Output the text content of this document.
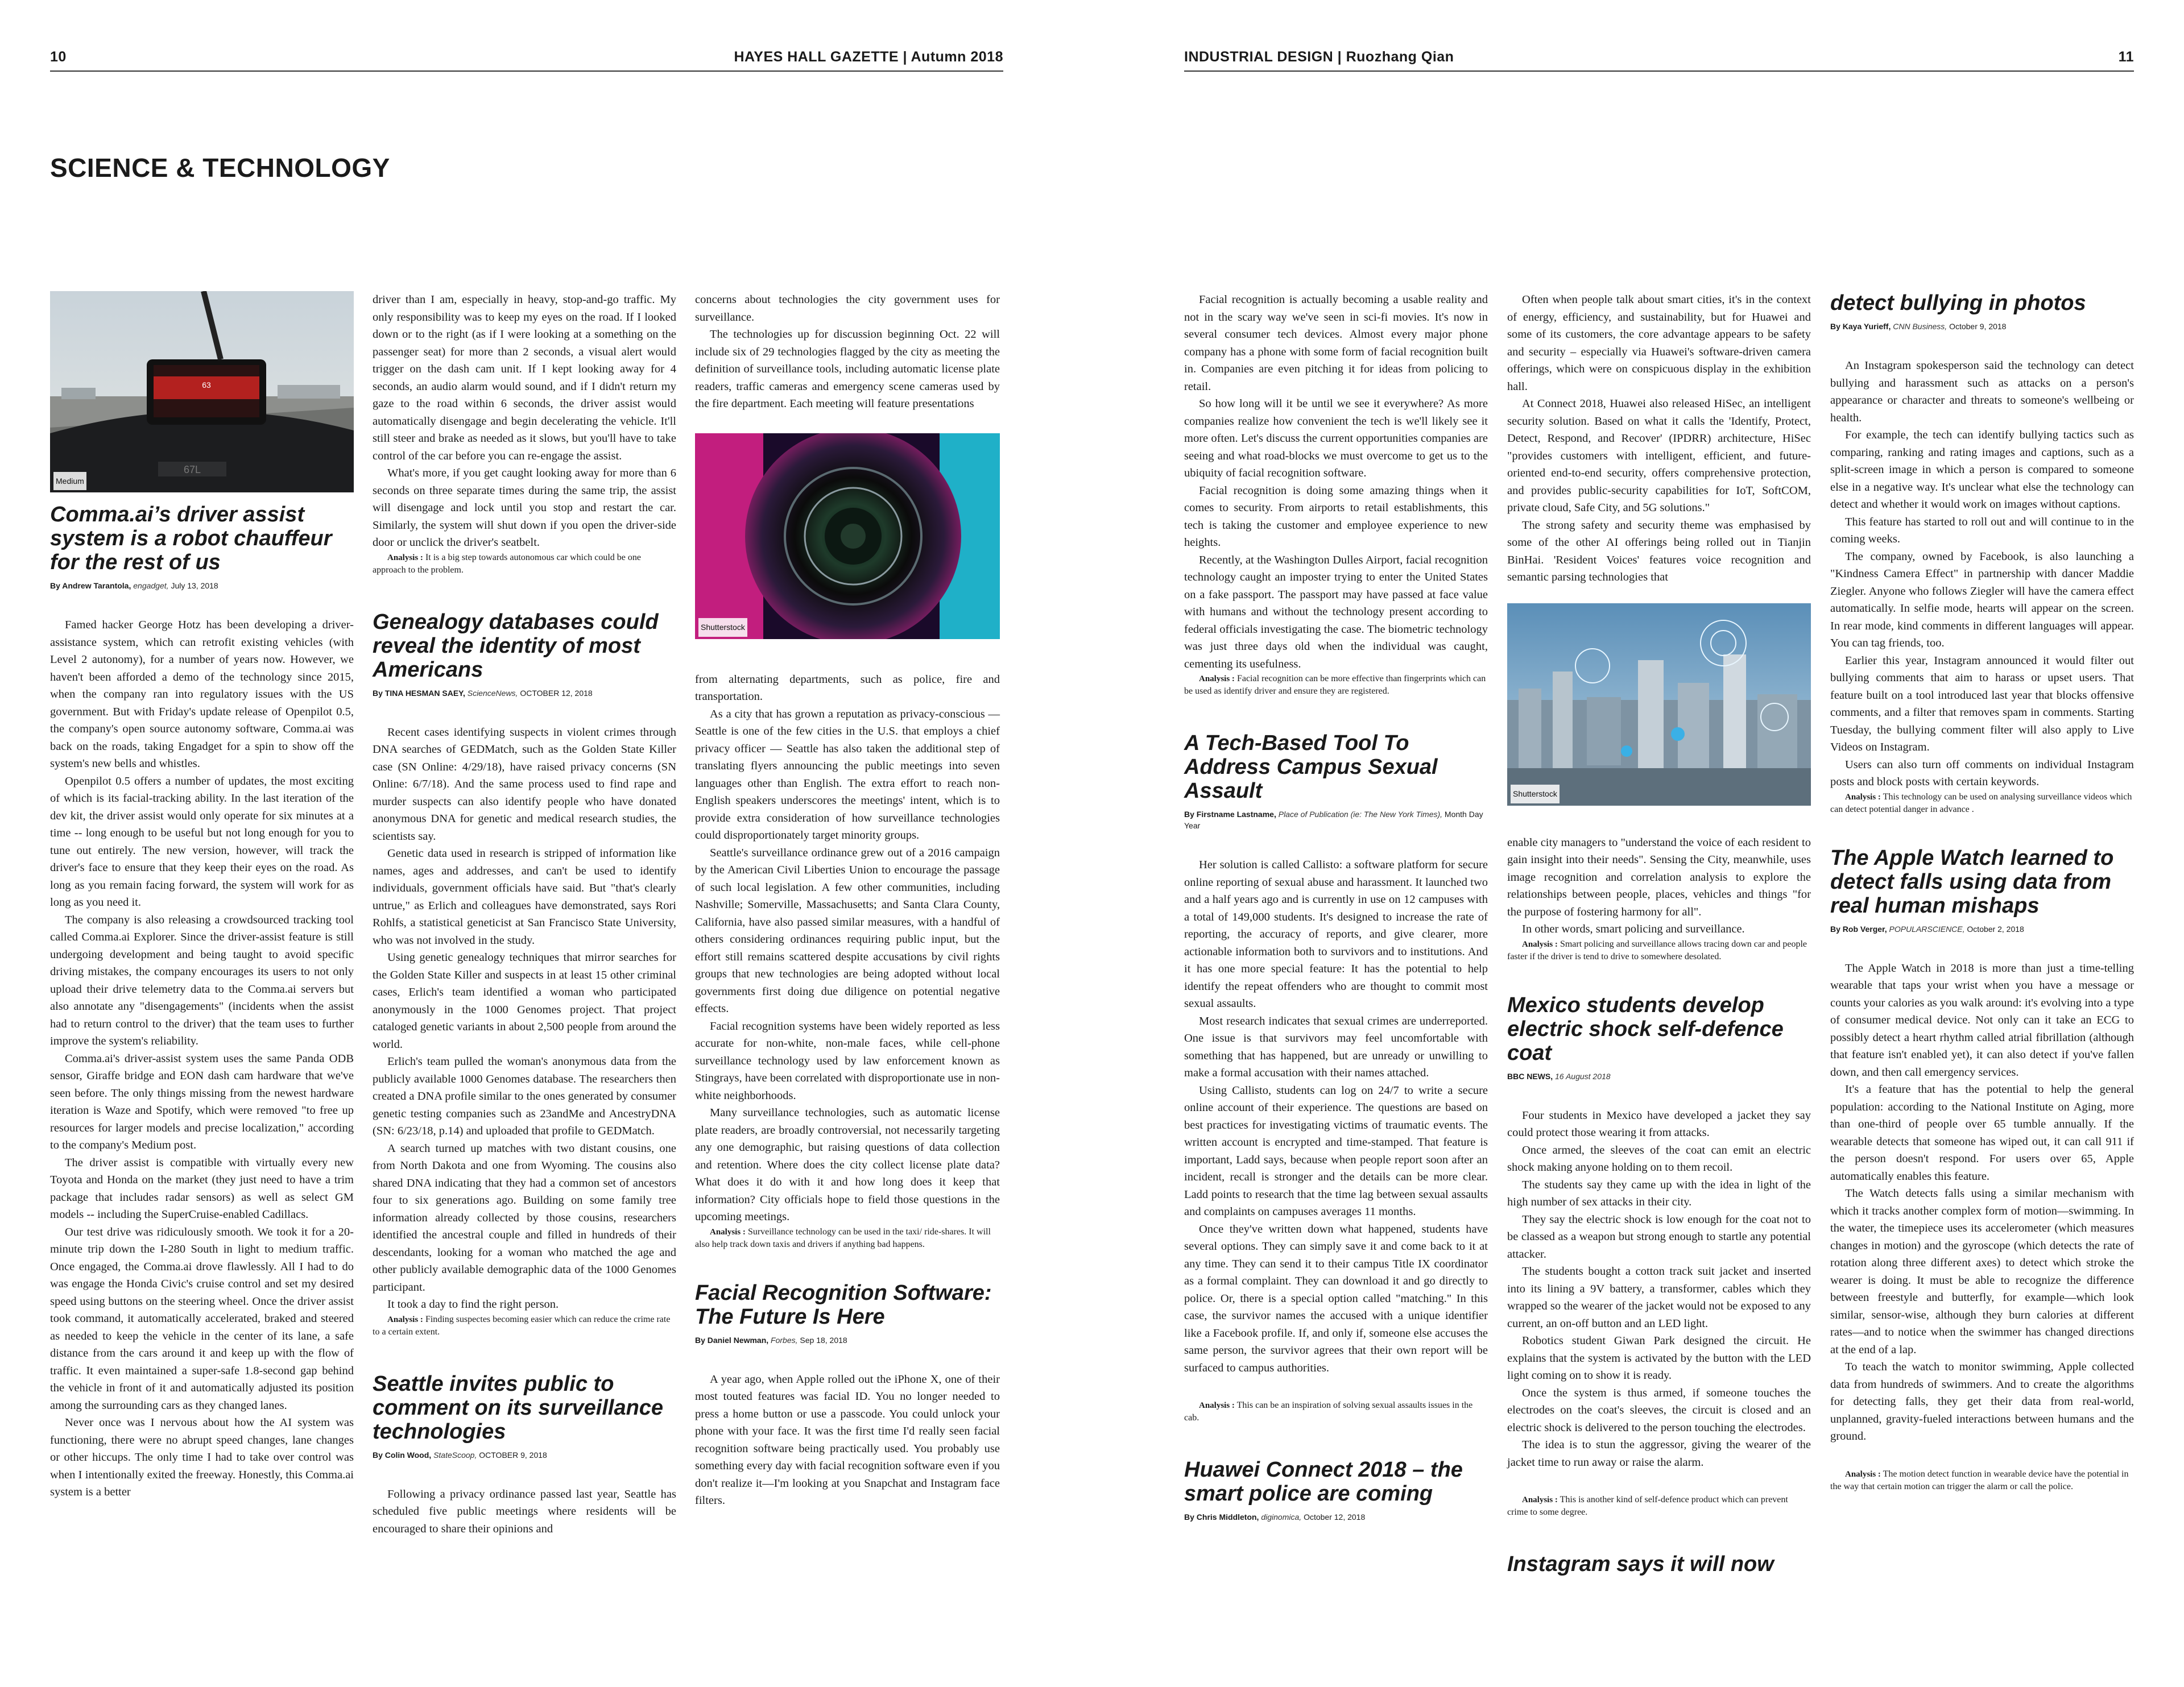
10	HAYES HALL GAZETTE | Autumn 2018	INDUSTRIAL DESIGN | Ruozhang Qian	11
SCIENCE & TECHNOLOGY
63
67L
Medium
Comma.ai’s driver assist system is a robot chauffeur for the rest of us
By Andrew Tarantola, engadget, July 13, 2018

Famed hacker George Hotz has been developing a driver-assistance system, which can retrofit existing vehicles (with Level 2 autonomy), for a number of years now. However, we haven't been afforded a demo of the technology since 2015, when the company ran into regulatory issues with the US government. But with Friday's update release of Openpilot 0.5, the company's open source autonomy software, Comma.ai was back on the roads, taking Engadget for a spin to show off the system's new bells and whistles.

Openpilot 0.5 offers a number of updates, the most exciting of which is its facial-tracking ability. In the last iteration of the dev kit, the driver assist would only operate for six minutes at a time -- long enough to be useful but not long enough for you to tune out entirely. The new version, however, will track the driver's face to ensure that they keep their eyes on the road. As long as you remain facing forward, the system will work for as long as you need it.

The company is also releasing a crowdsourced tracking tool called Comma.ai Explorer. Since the driver-assist feature is still undergoing development and being taught to avoid specific driving mistakes, the company encourages its users to not only upload their drive telemetry data to the Comma.ai servers but also annotate any "disengagements" (incidents when the assist had to return control to the driver) that the team uses to further improve the system's reliability.

Comma.ai's driver-assist system uses the same Panda ODB sensor, Giraffe bridge and EON dash cam hardware that we've seen before. The only things missing from the newest hardware iteration is Waze and Spotify, which were removed "to free up resources for larger models and precise localization," according to the company's Medium post.

The driver assist is compatible with virtually every new Toyota and Honda on the market (they just need to have a trim package that includes radar sensors) as well as select GM models -- including the SuperCruise-enabled Cadillacs.

Our test drive was ridiculously smooth. We took it for a 20-minute trip down the I-280 South in light to medium traffic. Once engaged, the Comma.ai drove flawlessly. All I had to do was engage the Honda Civic's cruise control and set my desired speed using buttons on the steering wheel. Once the driver assist took command, it automatically accelerated, braked and steered as needed to keep the vehicle in the center of its lane, a safe distance from the cars around it and keep up with the flow of traffic. It even maintained a super-safe 1.8-second gap behind the vehicle in front of it and automatically adjusted its position among the surrounding cars as they changed lanes.

Never once was I nervous about how the AI system was functioning, there were no abrupt speed changes, lane changes or other hiccups. The only time I had to take over control was when I intentionally exited the freeway. Honestly, this Comma.ai system is a better

driver than I am, especially in heavy, stop-and-go traffic. My only responsibility was to keep my eyes on the road. If I looked down or to the right (as if I were looking at a something on the passenger seat) for more than 2 seconds, a visual alert would trigger on the dash cam unit. If I kept looking away for 4 seconds, an audio alarm would sound, and if I didn't return my gaze to the road within 6 seconds, the driver assist would automatically disengage and begin decelerating the vehicle. It'll still steer and brake as needed as it slows, but you'll have to take control of the car before you can re-engage the assist.

What's more, if you get caught looking away for more than 6 seconds on three separate times during the same trip, the assist will disengage and lock until you stop and restart the car. Similarly, the system will shut down if you open the driver-side door or unclick the driver's seatbelt.

Analysis : It is a big step towards autonomous car which could be one approach to the problem.

Genealogy databases could reveal the identity of most Americans
By TINA HESMAN SAEY, ScienceNews, OCTOBER 12, 2018

Recent cases identifying suspects in violent crimes through DNA searches of GEDMatch, such as the Golden State Killer case (SN Online: 4/29/18), have raised privacy concerns (SN Online: 6/7/18). And the same process used to find rape and murder suspects can also identify people who have donated anonymous DNA for genetic and medical research studies, the scientists say.

Genetic data used in research is stripped of information like names, ages and addresses, and can't be used to identify individuals, government officials have said. But "that's clearly untrue," as Erlich and colleagues have demonstrated, says Rori Rohlfs, a statistical geneticist at San Francisco State University, who was not involved in the study.

Using genetic genealogy techniques that mirror searches for the Golden State Killer and suspects in at least 15 other criminal cases, Erlich's team identified a woman who participated anonymously in the 1000 Genomes project. That project cataloged genetic variants in about 2,500 people from around the world.

Erlich's team pulled the woman's anonymous data from the publicly available 1000 Genomes database. The researchers then created a DNA profile similar to the ones generated by consumer genetic testing companies such as 23andMe and AncestryDNA (SN: 6/23/18, p.14) and uploaded that profile to GEDMatch.

A search turned up matches with two distant cousins, one from North Dakota and one from Wyoming. The cousins also shared DNA indicating that they had a common set of ancestors four to six generations ago. Building on some family tree information already collected by those cousins, researchers identified the ancestral couple and filled in hundreds of their descendants, looking for a woman who matched the age and other publicly available demographic data of the 1000 Genomes participant.

It took a day to find the right person.

Analysis : Finding suspectes becoming easier which can reduce the crime rate to a certain extent.

Seattle invites public to comment on its surveillance technologies
By Colin Wood, StateScoop, OCTOBER 9, 2018

Following a privacy ordinance passed last year, Seattle has scheduled five public meetings where residents will be encouraged to share their opinions and

concerns about technologies the city government uses for surveillance.

The technologies up for discussion beginning Oct. 22 will include six of 29 technologies flagged by the city as meeting the definition of surveillance tools, including automatic license plate readers, traffic cameras and emergency scene cameras used by the fire department. Each meeting will feature presentations

Shutterstock

from alternating departments, such as police, fire and transportation.

As a city that has grown a reputation as privacy-conscious — Seattle is one of the few cities in the U.S. that employs a chief privacy officer — Seattle has also taken the additional step of translating flyers announcing the public meetings into seven languages other than English. The extra effort to reach non-English speakers underscores the meetings' intent, which is to provide extra consideration of how surveillance technologies could disproportionately target minority groups.

Seattle's surveillance ordinance grew out of a 2016 campaign by the American Civil Liberties Union to encourage the passage of such local legislation. A few other communities, including Nashville; Somerville, Massachusetts; and Santa Clara County, California, have also passed similar measures, with a handful of others considering ordinances requiring public input, but the effort still remains scattered despite accusations by civil rights groups that new technologies are being adopted without local governments first doing due diligence on potential negative effects.

Facial recognition systems have been widely reported as less accurate for non-white, non-male faces, while cell-phone surveillance technology used by law enforcement known as Stingrays, have been correlated with disproportionate use in non-white neighborhoods.

Many surveillance technologies, such as automatic license plate readers, are broadly controversial, not necessarily targeting any one demographic, but raising questions of data collection and retention. Where does the city collect license plate data? What does it do with it and how long does it keep that information? City officials hope to field those questions in the upcoming meetings.

Analysis : Surveillance technology can be used in the taxi/ ride-shares. It will also help track down taxis and drivers if anything bad happens.

Facial Recognition Software: The Future Is Here
By Daniel Newman, Forbes, Sep 18, 2018

A year ago, when Apple rolled out the iPhone X, one of their most touted features was facial ID. You no longer needed to press a home button or use a passcode. You could unlock your phone with your face. It was the first time I'd really seen facial recognition software being practically used. You probably use something every day with facial recognition software even if you don't realize it—I'm looking at you Snapchat and Instagram face filters.

Facial recognition is actually becoming a usable reality and not in the scary way we've seen in sci-fi movies. It's now in several consumer tech devices. Almost every major phone company has a phone with some form of facial recognition built in. Companies are even pitching it for ideas from policing to retail.

So how long will it be until we see it everywhere? As more companies realize how convenient the tech is we'll likely see it more often. Let's discuss the current opportunities companies are seeing and what road-blocks we must overcome to get us to the ubiquity of facial recognition software.

Facial recognition is doing some amazing things when it comes to security. From airports to retail establishments, this tech is taking the customer and employee experience to new heights.

Recently, at the Washington Dulles Airport, facial recognition technology caught an imposter trying to enter the United States on a fake passport. The passport may have passed at face value with humans and without the technology present according to federal officials investigating the case. The biometric technology was just three days old when the individual was caught, cementing its usefulness.

Analysis : Facial recognition can be more effective than fingerprints which can be used as identify driver and ensure they are registered.

A Tech-Based Tool To Address Campus Sexual Assault
By Firstname Lastname, Place of Publication (ie: The New York Times), Month Day Year

Her solution is called Callisto: a software platform for secure online reporting of sexual abuse and harassment. It launched two and a half years ago and is currently in use on 12 campuses with a total of 149,000 students. It's designed to increase the rate of reporting, the accuracy of reports, and give clearer, more actionable information both to survivors and to institutions. And it has one more special feature: It has the potential to help identify the repeat offenders who are thought to commit most sexual assaults.

Most research indicates that sexual crimes are underreported. One issue is that survivors may feel uncomfortable with something that has happened, but are unready or unwilling to make a formal accusation with their names attached.

Using Callisto, students can log on 24/7 to write a secure online account of their experience. The questions are based on best practices for investigating victims of traumatic events. The written account is encrypted and time-stamped. That feature is important, Ladd says, because when people report soon after an incident, recall is stronger and the details can be more clear. Ladd points to research that the time lag between sexual assaults and complaints on campuses averages 11 months.

Once they've written down what happened, students have several options. They can simply save it and come back to it at any time. They can send it to their campus Title IX coordinator as a formal complaint. They can download it and go directly to police. Or, there is a special option called "matching." In this case, the survivor names the accused with a unique identifier like a Facebook profile. If, and only if, someone else accuses the same person, the survivor agrees that their own report will be surfaced to campus authorities.

Analysis : This can be an inspiration of solving sexual assaults issues in the cab.

Huawei Connect 2018 – the smart police are coming
By Chris Middleton, diginomica, October 12, 2018

Often when people talk about smart cities, it's in the context of energy, efficiency, and sustainability, but for Huawei and some of its customers, the core advantage appears to be safety and security – especially via Huawei's software-driven camera offerings, which were on conspicuous display in the exhibition hall.

At Connect 2018, Huawei also released HiSec, an intelligent security solution. Based on what it calls the 'Identify, Protect, Detect, Respond, and Recover' (IPDRR) architecture, HiSec "provides customers with intelligent, efficient, and future-oriented end-to-end security, offers comprehensive protection, and provides public-security capabilities for IoT, SoftCOM, private cloud, Safe City, and 5G solutions."

The strong safety and security theme was emphasised by some of the other AI offerings being rolled out in Tianjin BinHai. 'Resident Voices' features voice recognition and semantic parsing technologies that

Shutterstock

enable city managers to "understand the voice of each resident to gain insight into their needs". Sensing the City, meanwhile, uses image recognition and correlation analysis to explore the relationships between people, places, vehicles and things "for the purpose of fostering harmony for all".

In other words, smart policing and surveillance.

Analysis : Smart policing and surveillance allows tracing down car and people faster if the driver is tend to drive to somewhere desolated.

Mexico students develop electric shock self-defence coat
BBC NEWS, 16 August 2018

Four students in Mexico have developed a jacket they say could protect those wearing it from attacks.

Once armed, the sleeves of the coat can emit an electric shock making anyone holding on to them recoil.

The students say they came up with the idea in light of the high number of sex attacks in their city.

They say the electric shock is low enough for the coat not to be classed as a weapon but strong enough to startle any potential attacker.

The students bought a cotton track suit jacket and inserted into its lining a 9V battery, a transformer, cables which they wrapped so the wearer of the jacket would not be exposed to any current, an on-off button and an LED light.

Robotics student Giwan Park designed the circuit. He explains that the system is activated by the button with the LED light coming on to show it is ready.

Once the system is thus armed, if someone touches the electrodes on the coat's sleeves, the circuit is closed and an electric shock is delivered to the person touching the electrodes.

The idea is to stun the aggressor, giving the wearer of the jacket time to run away or raise the alarm.

Analysis : This is another kind of self-defence product which can prevent crime to some degree.

Instagram says it will now
detect bullying in photos
By Kaya Yurieff, CNN Business, October 9, 2018

An Instagram spokesperson said the technology can detect bullying and harassment such as attacks on a person's appearance or character and threats to someone's wellbeing or health.

For example, the tech can identify bullying tactics such as comparing, ranking and rating images and captions, such as a split-screen image in which a person is compared to someone else in a negative way. It's unclear what else the technology can detect and whether it would work on images without captions.

This feature has started to roll out and will continue to in the coming weeks.

The company, owned by Facebook, is also launching a "Kindness Camera Effect" in partnership with dancer Maddie Ziegler. Anyone who follows Ziegler will have the camera effect automatically. In selfie mode, hearts will appear on the screen. In rear mode, kind comments in different languages will appear. You can tag friends, too.

Earlier this year, Instagram announced it would filter out bullying comments that aim to harass or upset users. That feature built on a tool introduced last year that blocks offensive comments, and a filter that removes spam in comments. Starting Tuesday, the bullying comment filter will also apply to Live Videos on Instagram.

Users can also turn off comments on individual Instagram posts and block posts with certain keywords.

Analysis : This technology can be used on analysing surveillance videos which can detect potential danger in advance .

The Apple Watch learned to detect falls using data from real human mishaps
By Rob Verger, POPULARSCIENCE, October 2, 2018

The Apple Watch in 2018 is more than just a time-telling wearable that taps your wrist when you have a message or counts your calories as you walk around: it's evolving into a type of consumer medical device. Not only can it take an ECG to possibly detect a heart rhythm called atrial fibrillation (although that feature isn't enabled yet), it can also detect if you've fallen down, and then call emergency services.

It's a feature that has the potential to help the general population: according to the National Institute on Aging, more than one-third of people over 65 tumble annually. If the wearable detects that someone has wiped out, it can call 911 if the person doesn't respond. For users over 65, Apple automatically enables this feature.

The Watch detects falls using a similar mechanism with which it tracks another complex form of motion—swimming. In the water, the timepiece uses its accelerometer (which measures changes in motion) and the gyroscope (which detects the rate of rotation along three different axes) to detect which stroke the wearer is doing. It must be able to recognize the difference between freestyle and butterfly, for example—which look similar, sensor-wise, although they burn calories at different rates—and to notice when the swimmer has changed directions at the end of a lap.

To teach the watch to monitor swimming, Apple collected data from hundreds of swimmers. And to create the algorithms for detecting falls, they get their data from real-world, unplanned, gravity-fueled interactions between humans and the ground.

Analysis : The motion detect function in wearable device have the potential in the way that certain motion can trigger the alarm or call the police.
